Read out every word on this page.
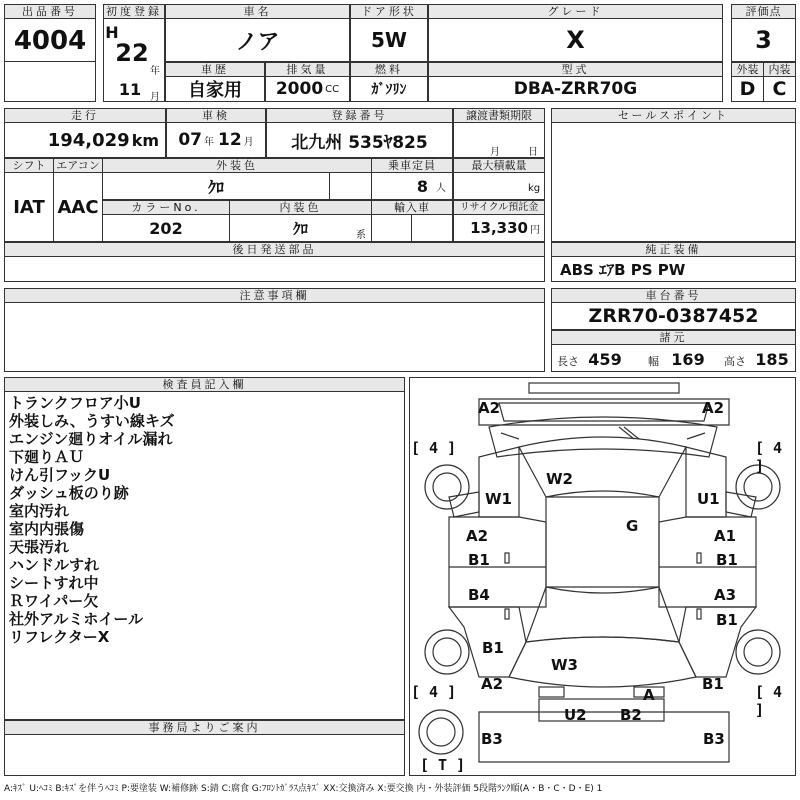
出品番号
4004
初度登録
H
22
年
11 月
車名
ノア
ドア形状
5W
グレード
X
評価点
3
車歴
自家用
排気量
2000 CC
燃料
ｶﾞｿﾘﾝ
型式
DBA-ZRR70G
外装 内装
D C
走行
194,029 km
車検
07 年 12 月
登録番号
北九州 535ﾔ825
譲渡書類期限
月	日
セールスポイント
シフト
IAT
エアコン
AAC
外装色
ｸﾛ
乗車定員
8 人
最大積載量
kg
カラーNo.
202
内装色
ｸﾛ	系
輸入車	リサイクル預託金
13,330 円
後日発送部品	純正装備
ABS ｴｱB PS PW
注意事項欄	車台番号
ZRR70-0387452
諸元
長さ 459 幅 169 高さ 185
検査員記入欄
トランクフロア小U
外装しみ、うすい線キズ
エンジン廻りオイル漏れ
下廻りＡＵ
けん引フックU
ダッシュ板のり跡
室内汚れ
室内内張傷
天張汚れ
ハンドルすれ
シートすれ中
Ｒワイパー欠
社外アルミホイール
リフレクターX
事務局よりご案内
A2	A2
W2
W1	U1
G
A2
B1
A1
B1
B4	A3
B1
B1
W3
A2
A
B1
U2 B2
B3	B3
[ 4 ]	[ 4 ]
[ 4 ]	[ 4 ]
[ T ]
A:ｷｽﾞ U:ﾍｺﾐ B:ｷｽﾞを伴うﾍｺﾐ P:要塗装 W:補修跡 S:錆 C:腐食 G:ﾌﾛﾝﾄｶﾞﾗｽ点ｷｽﾞ XX:交換済み X:要交換 内・外装評価 5段階ﾗﾝｸ順(A・B・C・D・E) 1
